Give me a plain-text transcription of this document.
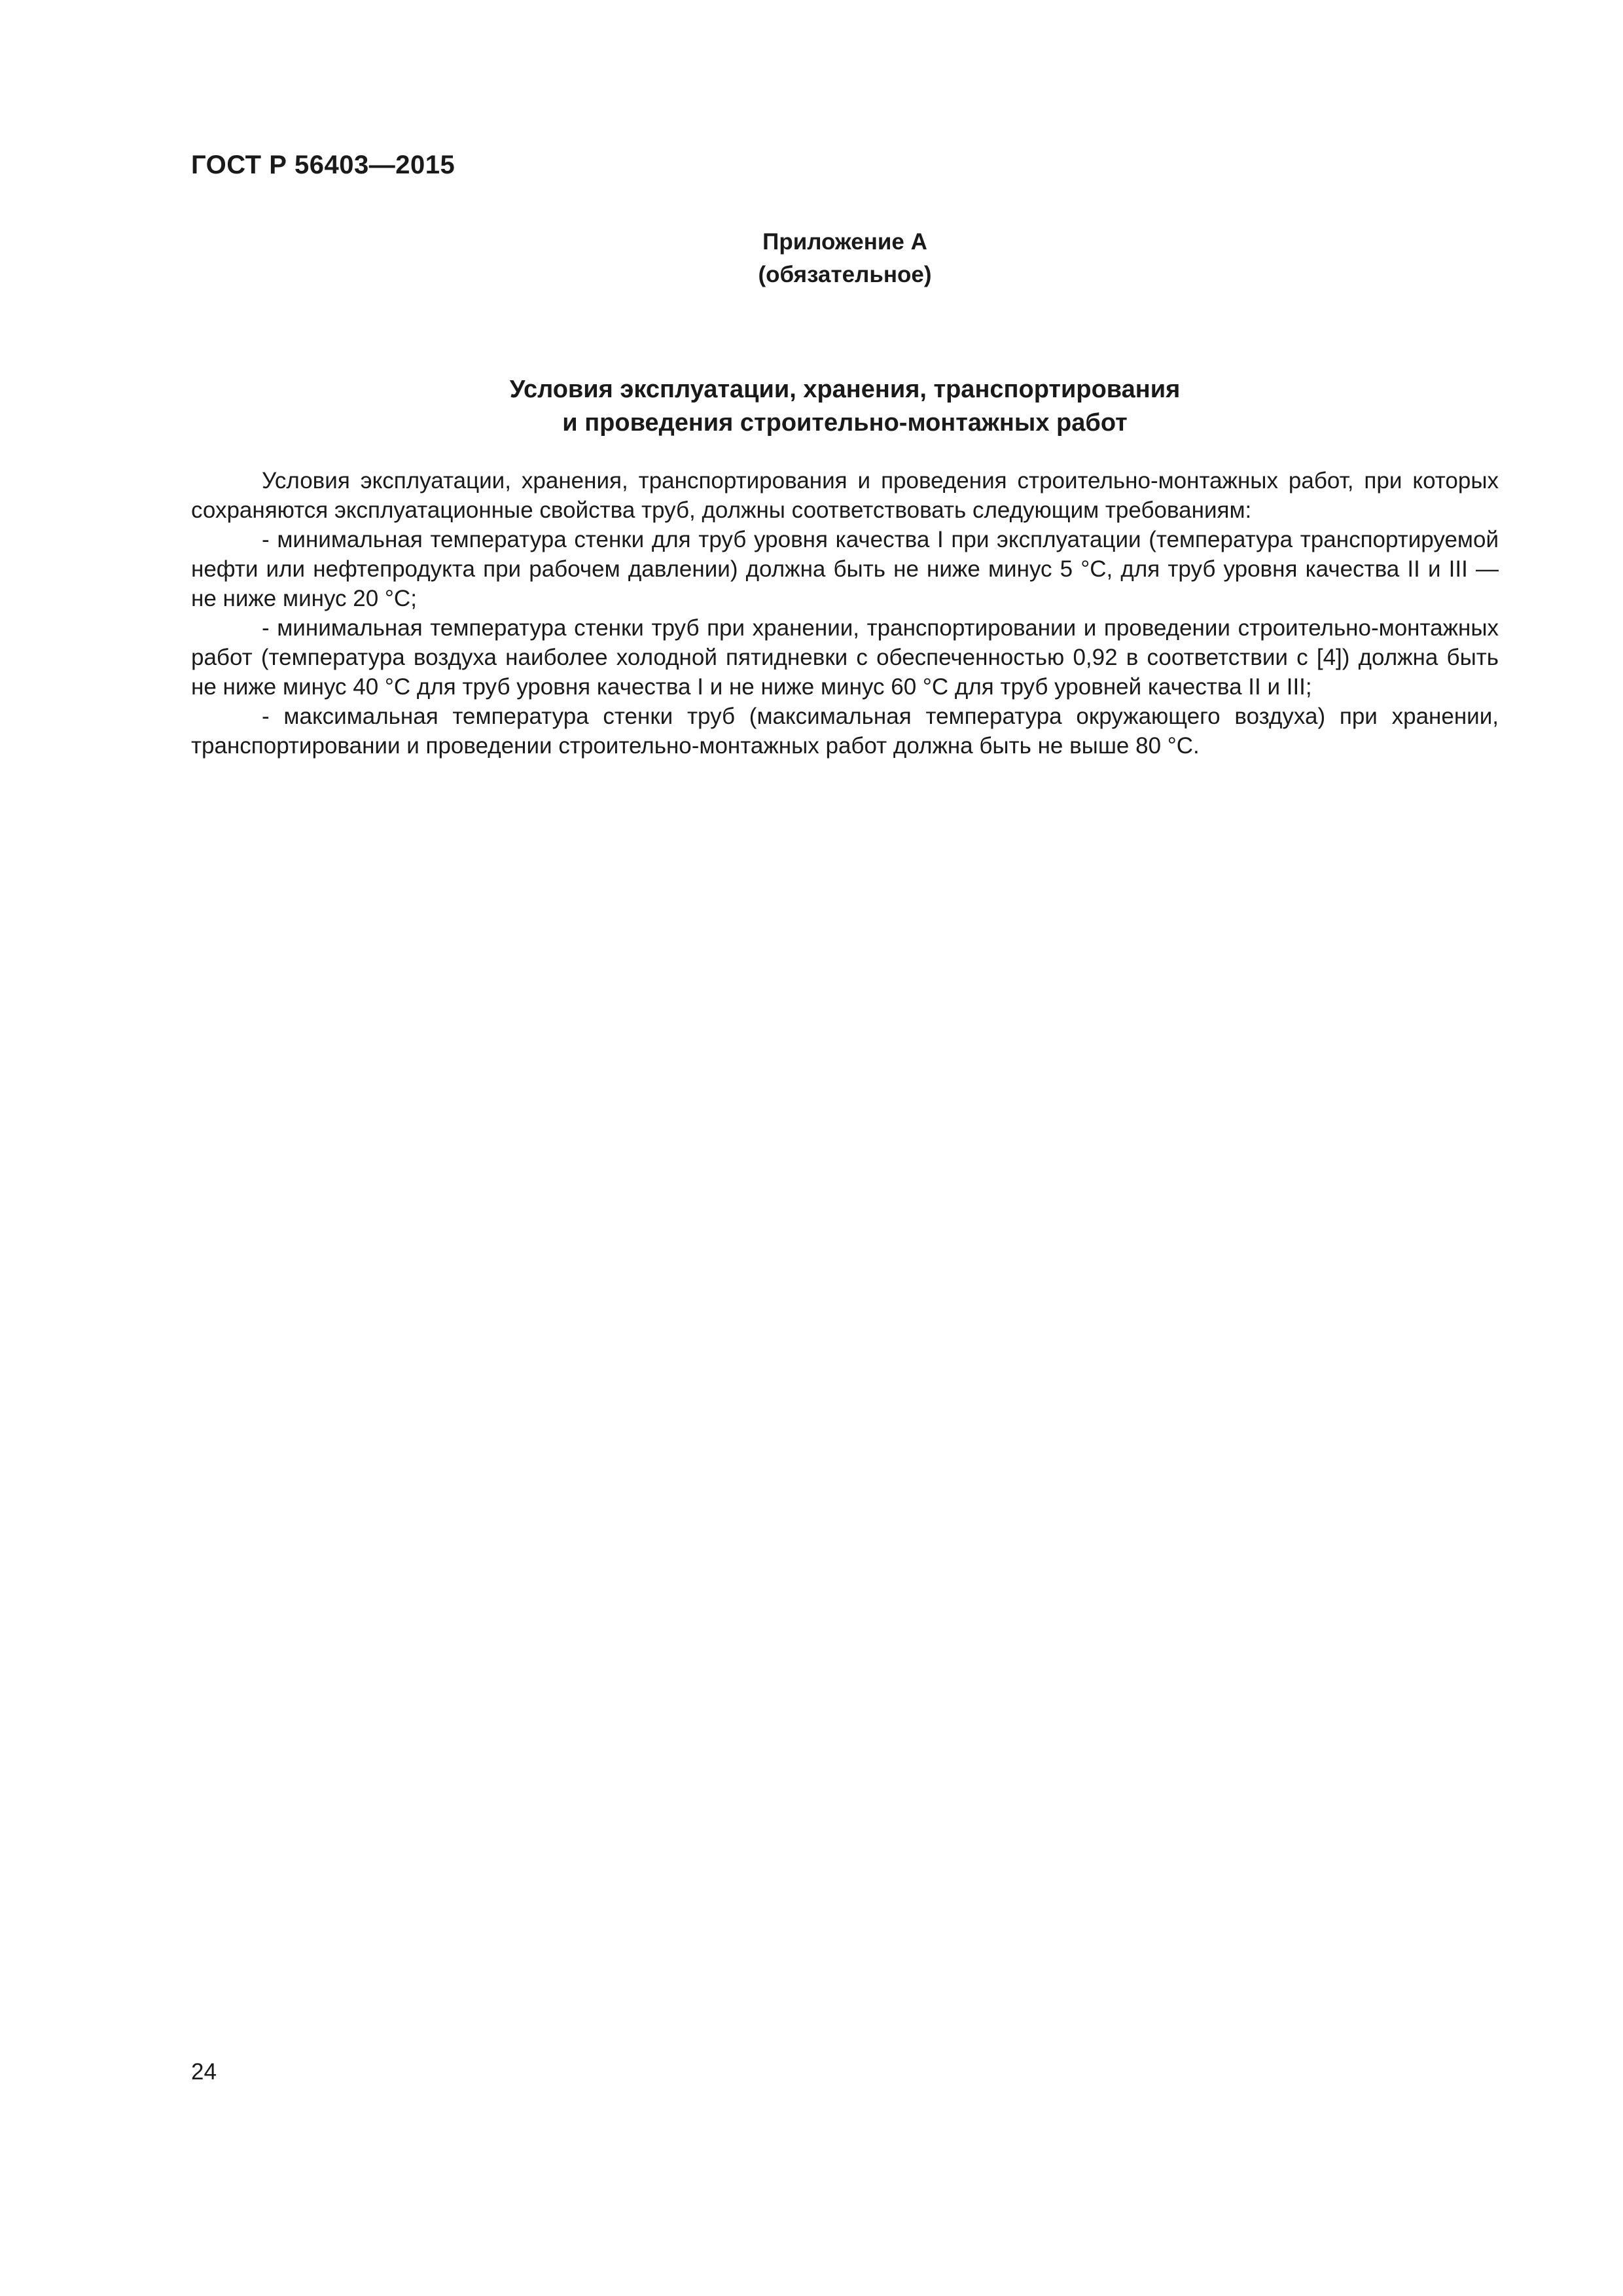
ГОСТ Р 56403—2015
Приложение А
(обязательное)
Условия эксплуатации, хранения, транспортирования
и проведения строительно-монтажных работ

Условия эксплуатации, хранения, транспортирования и проведения строительно-монтажных работ, при которых сохраняются эксплуатационные свойства труб, должны соответствовать следующим требованиям:

- минимальная температура стенки для труб уровня качества I при эксплуатации (температура транспортируемой нефти или нефтепродукта при рабочем давлении) должна быть не ниже минус 5 °С, для труб уровня качества II и III — не ниже минус 20 °С;

- минимальная температура стенки труб при хранении, транспортировании и проведении строительно-монтажных работ (температура воздуха наиболее холодной пятидневки с обеспеченностью 0,92 в соответствии с [4]) должна быть не ниже минус 40 °С для труб уровня качества I и не ниже минус 60 °С для труб уровней качества II и III;

- максимальная температура стенки труб (максимальная температура окружающего воздуха) при хранении, транспортировании и проведении строительно-монтажных работ должна быть не выше 80 °С.

24
